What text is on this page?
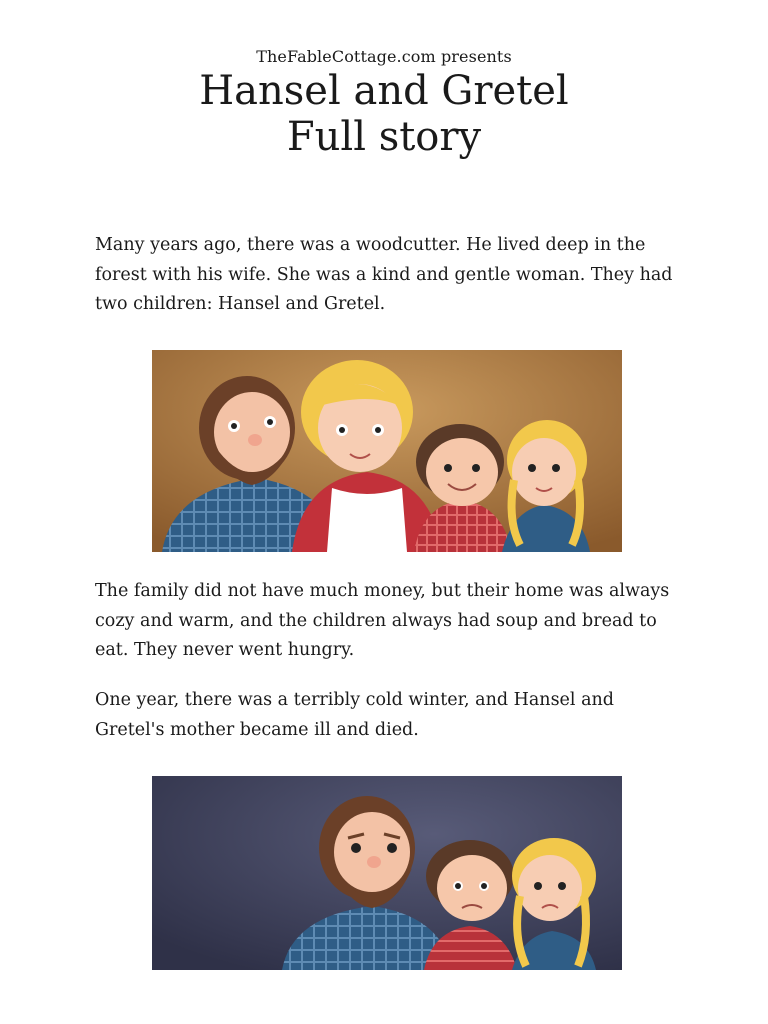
TheFableCottage.com presents
Hansel and Gretel
Full story

Many years ago, there was a woodcutter. He lived deep in the forest with his wife. She was a kind and gentle woman. They had two children: Hansel and Gretel.

The family did not have much money, but their home was always cozy and warm, and the children always had soup and bread to eat. They never went hungry.

One year, there was a terribly cold winter, and Hansel and Gretel's mother became ill and died.
